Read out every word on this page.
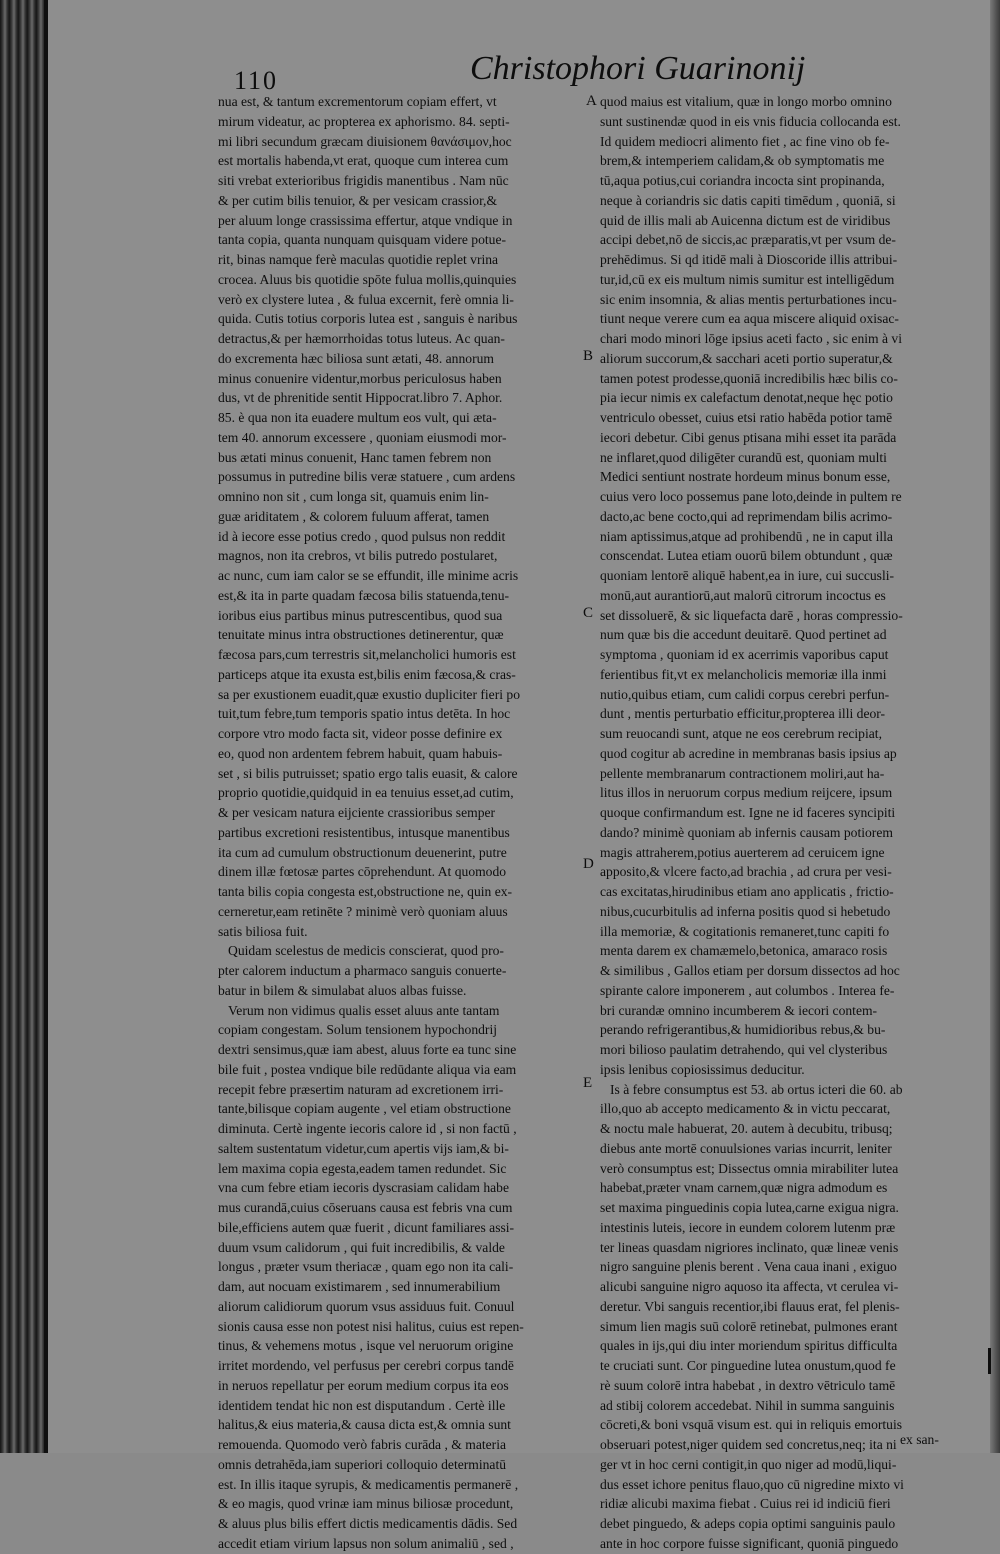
110	Christophori Guarinonij
nua est, & tantum excrementorum copiam effert, vt
mirum videatur, ac propterea ex aphorismo. 84. septi-
mi libri secundum græcam diuisionem θανάσιμον,hoc
est mortalis habenda,vt erat, quoque cum interea cum
siti vrebat exterioribus frigidis manentibus . Nam nūc
& per cutim bilis tenuior, & per vesicam crassior,&
per aluum longe crassissima effertur, atque vndique in
tanta copia, quanta nunquam quisquam videre potue-
rit, binas namque ferè maculas quotidie replet vrina
crocea. Aluus bis quotidie spōte fulua mollis,quinquies
verò ex clystere lutea , & fulua excernit, ferè omnia li-
quida. Cutis totius corporis lutea est , sanguis è naribus
detractus,& per hæmorrhoidas totus luteus. Ac quan-
do excrementa hæc biliosa sunt ætati, 48. annorum
minus conuenire videntur,morbus periculosus haben
dus, vt de phrenitide sentit Hippocrat.libro 7. Aphor.
85. è qua non ita euadere multum eos vult, qui æta-
tem 40. annorum excessere , quoniam eiusmodi mor-
bus ætati minus conuenit, Hanc tamen febrem non
possumus in putredine bilis veræ statuere , cum ardens
omnino non sit , cum longa sit, quamuis enim lin-
guæ ariditatem , & colorem fuluum afferat, tamen
id à iecore esse potius credo , quod pulsus non reddit
magnos, non ita crebros, vt bilis putredo postularet,
ac nunc, cum iam calor se se effundit, ille minime acris
est,& ita in parte quadam fæcosa bilis statuenda,tenu-
ioribus eius partibus minus putrescentibus, quod sua
tenuitate minus intra obstructiones detinerentur, quæ
fæcosa pars,cum terrestris sit,melancholici humoris est
particeps atque ita exusta est,bilis enim fæcosa,& cras-
sa per exustionem euadit,quæ exustio dupliciter fieri po
tuit,tum febre,tum temporis spatio intus detēta. In hoc
corpore vtro modo facta sit, videor posse definire ex
eo, quod non ardentem febrem habuit, quam habuis-
set , si bilis putruisset; spatio ergo talis euasit, & calore
proprio quotidie,quidquid in ea tenuius esset,ad cutim,
& per vesicam natura eijciente crassioribus semper
partibus excretioni resistentibus, intusque manentibus
ita cum ad cumulum obstructionum deuenerint, putre
dinem illæ fœtosæ partes cōprehendunt. At quomodo
tanta bilis copia congesta est,obstructione ne, quin ex-
cerneretur,eam retinēte ? minimè verò quoniam aluus
satis biliosa fuit.
Quidam scelestus de medicis conscierat, quod pro-
pter calorem inductum a pharmaco sanguis conuerte-
batur in bilem & simulabat aluos albas fuisse.
Verum non vidimus qualis esset aluus ante tantam
copiam congestam. Solum tensionem hypochondrij
dextri sensimus,quæ iam abest, aluus forte ea tunc sine
bile fuit , postea vndique bile redūdante aliqua via eam
recepit febre præsertim naturam ad excretionem irri-
tante,bilisque copiam augente , vel etiam obstructione
diminuta. Certè ingente iecoris calore id , si non factū ,
saltem sustentatum videtur,cum apertis vijs iam,& bi-
lem maxima copia egesta,eadem tamen redundet. Sic
vna cum febre etiam iecoris dyscrasiam calidam habe
mus curandā,cuius cōseruans causa est febris vna cum
bile,efficiens autem quæ fuerit , dicunt familiares assi-
duum vsum calidorum , qui fuit incredibilis, & valde
longus , præter vsum theriacæ , quam ego non ita cali-
dam, aut nocuam existimarem , sed innumerabilium
aliorum calidiorum quorum vsus assiduus fuit. Conuul
sionis causa esse non potest nisi halitus, cuius est repen-
tinus, & vehemens motus , isque vel neruorum origine
irritet mordendo, vel perfusus per cerebri corpus tandē
in neruos repellatur per eorum medium corpus ita eos
identidem tendat hic non est disputandum . Certè ille
halitus,& eius materia,& causa dicta est,& omnia sunt
remouenda. Quomodo verò fabris curāda , & materia
omnis detrahēda,iam superiori colloquio determinatū
est. In illis itaque syrupis, & medicamentis permanerē ,
& eo magis, quod vrinæ iam minus biliosæ procedunt,
& aluus plus bilis effert dictis medicamentis dādis. Sed
accedit etiam virium lapsus non solum animaliū , sed ,
quod maius est vitalium, quæ in longo morbo omnino
sunt sustinendæ quod in eis vnis fiducia collocanda est.
Id quidem mediocri alimento fiet , ac fine vino ob fe-
brem,& intemperiem calidam,& ob symptomatis me
tū,aqua potius,cui coriandra incocta sint propinanda,
neque à coriandris sic datis capiti timēdum , quoniā, si
quid de illis mali ab Auicenna dictum est de viridibus
accipi debet,nō de siccis,ac præparatis,vt per vsum de-
prehēdimus. Si qd itidē mali à Dioscoride illis attribui-
tur,id,cū ex eis multum nimis sumitur est intelligēdum
sic enim insomnia, & alias mentis perturbationes incu-
tiunt neque verere cum ea aqua miscere aliquid oxisac-
chari modo minori lōge ipsius aceti facto , sic enim à vi
aliorum succorum,& sacchari aceti portio superatur,&
tamen potest prodesse,quoniā incredibilis hæc bilis co-
pia iecur nimis ex calefactum denotat,neque hęc potio
ventriculo obesset, cuius etsi ratio habēda potior tamē
iecori debetur. Cibi genus ptisana mihi esset ita parāda
ne inflaret,quod diligēter curandū est, quoniam multi
Medici sentiunt nostrate hordeum minus bonum esse,
cuius vero loco possemus pane loto,deinde in pultem re
dacto,ac bene cocto,qui ad reprimendam bilis acrimo-
niam aptissimus,atque ad prohibendū , ne in caput illa
conscendat. Lutea etiam ouorū bilem obtundunt , quæ
quoniam lentorē aliquē habent,ea in iure, cui succusli-
monū,aut aurantiorū,aut malorū citrorum incoctus es
set dissoluerē, & sic liquefacta darē , horas compressio-
num quæ bis die accedunt deuitarē. Quod pertinet ad
symptoma , quoniam id ex acerrimis vaporibus caput
ferientibus fit,vt ex melancholicis memoriæ illa inmi
nutio,quibus etiam, cum calidi corpus cerebri perfun-
dunt , mentis perturbatio efficitur,propterea illi deor-
sum reuocandi sunt, atque ne eos cerebrum recipiat,
quod cogitur ab acredine in membranas basis ipsius ap
pellente membranarum contractionem moliri,aut ha-
litus illos in neruorum corpus medium reijcere, ipsum
quoque confirmandum est. Igne ne id faceres syncipiti
dando? minimè quoniam ab infernis causam potiorem
magis attraherem,potius auerterem ad ceruicem igne
apposito,& vlcere facto,ad brachia , ad crura per vesi-
cas excitatas,hirudinibus etiam ano applicatis , frictio-
nibus,cucurbitulis ad inferna positis quod si hebetudo
illa memoriæ, & cogitationis remaneret,tunc capiti fo
menta darem ex chamæmelo,betonica, amaraco rosis
& similibus , Gallos etiam per dorsum dissectos ad hoc
spirante calore imponerem , aut columbos . Interea fe-
bri curandæ omnino incumberem & iecori contem-
perando refrigerantibus,& humidioribus rebus,& bu-
mori bilioso paulatim detrahendo, qui vel clysteribus
ipsis lenibus copiosissimus deducitur.
Is à febre consumptus est 53. ab ortus icteri die 60. ab
illo,quo ab accepto medicamento & in victu peccarat,
& noctu male habuerat, 20. autem à decubitu, tribusq;
diebus ante mortē conuulsiones varias incurrit, leniter
verò consumptus est; Dissectus omnia mirabiliter lutea
habebat,præter vnam carnem,quæ nigra admodum es
set maxima pinguedinis copia lutea,carne exigua nigra.
intestinis luteis, iecore in eundem colorem lutenm præ
ter lineas quasdam nigriores inclinato, quæ lineæ venis
nigro sanguine plenis berent . Vena caua inani , exiguo
alicubi sanguine nigro aquoso ita affecta, vt cerulea vi-
deretur. Vbi sanguis recentior,ibi flauus erat, fel plenis-
simum lien magis suū colorē retinebat, pulmones erant
quales in ijs,qui diu inter moriendum spiritus difficulta
te cruciati sunt. Cor pinguedine lutea onustum,quod fe
rè suum colorē intra habebat , in dextro vētriculo tamē
ad stibij colorem accedebat. Nihil in summa sanguinis
cōcreti,& boni vsquā visum est. qui in reliquis emortuis
obseruari potest,niger quidem sed concretus,neq; ita ni
ger vt in hoc cerni contigit,in quo niger ad modū,liqui-
dus esset ichore penitus flauo,quo cū nigredine mixto vi
ridiæ alicubi maxima fiebat . Cuius rei id indiciū fieri
debet pinguedo, & adeps copia optimi sanguinis paulo
ante in hoc corpore fuisse significant, quoniā pinguedo
A
B
C
D
E
ex san-
